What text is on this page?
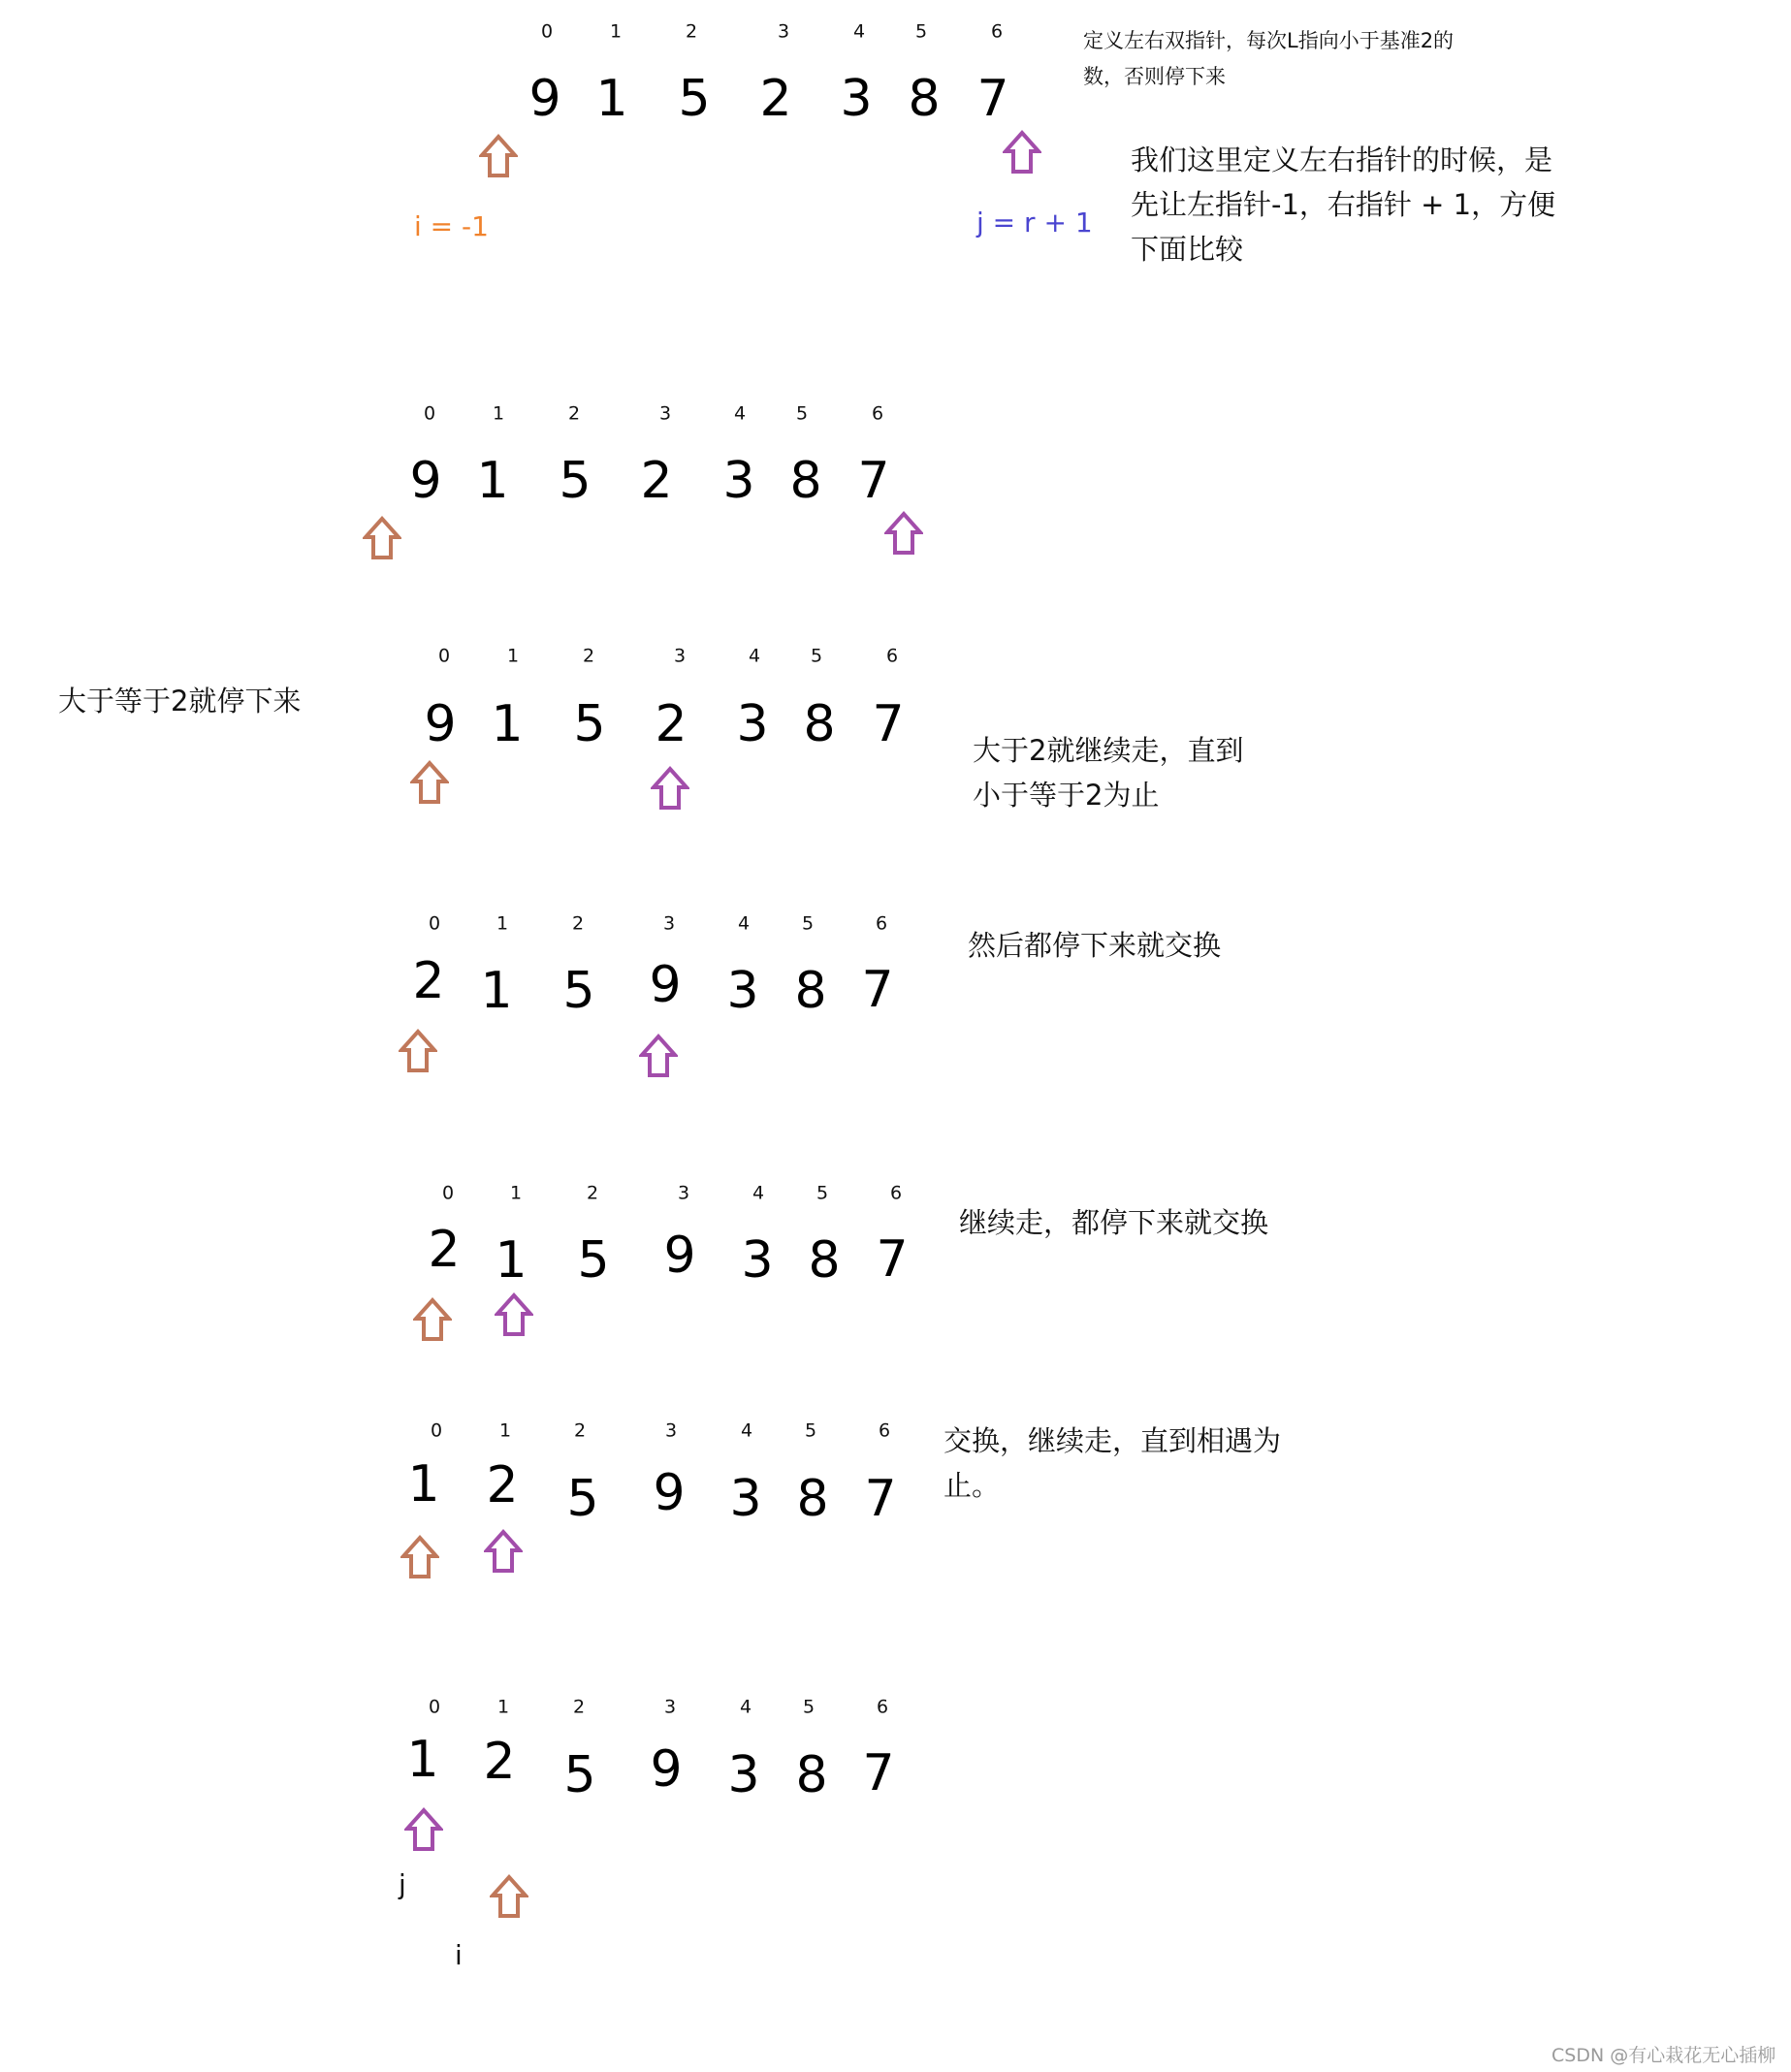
0	1	2	3	4	5	6
9 1 5 2 3 8 7
i = -1	j = r + 1
定义左右双指针，每次L指向小于基准2的
数，否则停下来
我们这里定义左右指针的时候，是
先让左指针-1，右指针 + 1，方便
下面比较
0	1	2	3	4	5	6
9 1 5 2 3 8 7
大于等于2就停下来
0	1	2	3	4	5	6
9 1 5 2 3 8 7 大于2就继续走，直到
小于等于2为止
0	1	2	3	4	5	6
2 1 5 9 3 8 7
然后都停下来就交换
0	1	2	3	4	5	6
2 1 5 9 3 8 7
继续走，都停下来就交换
0	1	2	3	4	5	6
1 2 5 9 3 8 7
交换，继续走，直到相遇为
止。
0	1	2	3	4	5	6
1 2 5 9 3 8 7
j
i
CSDN @有心栽花无心插柳
